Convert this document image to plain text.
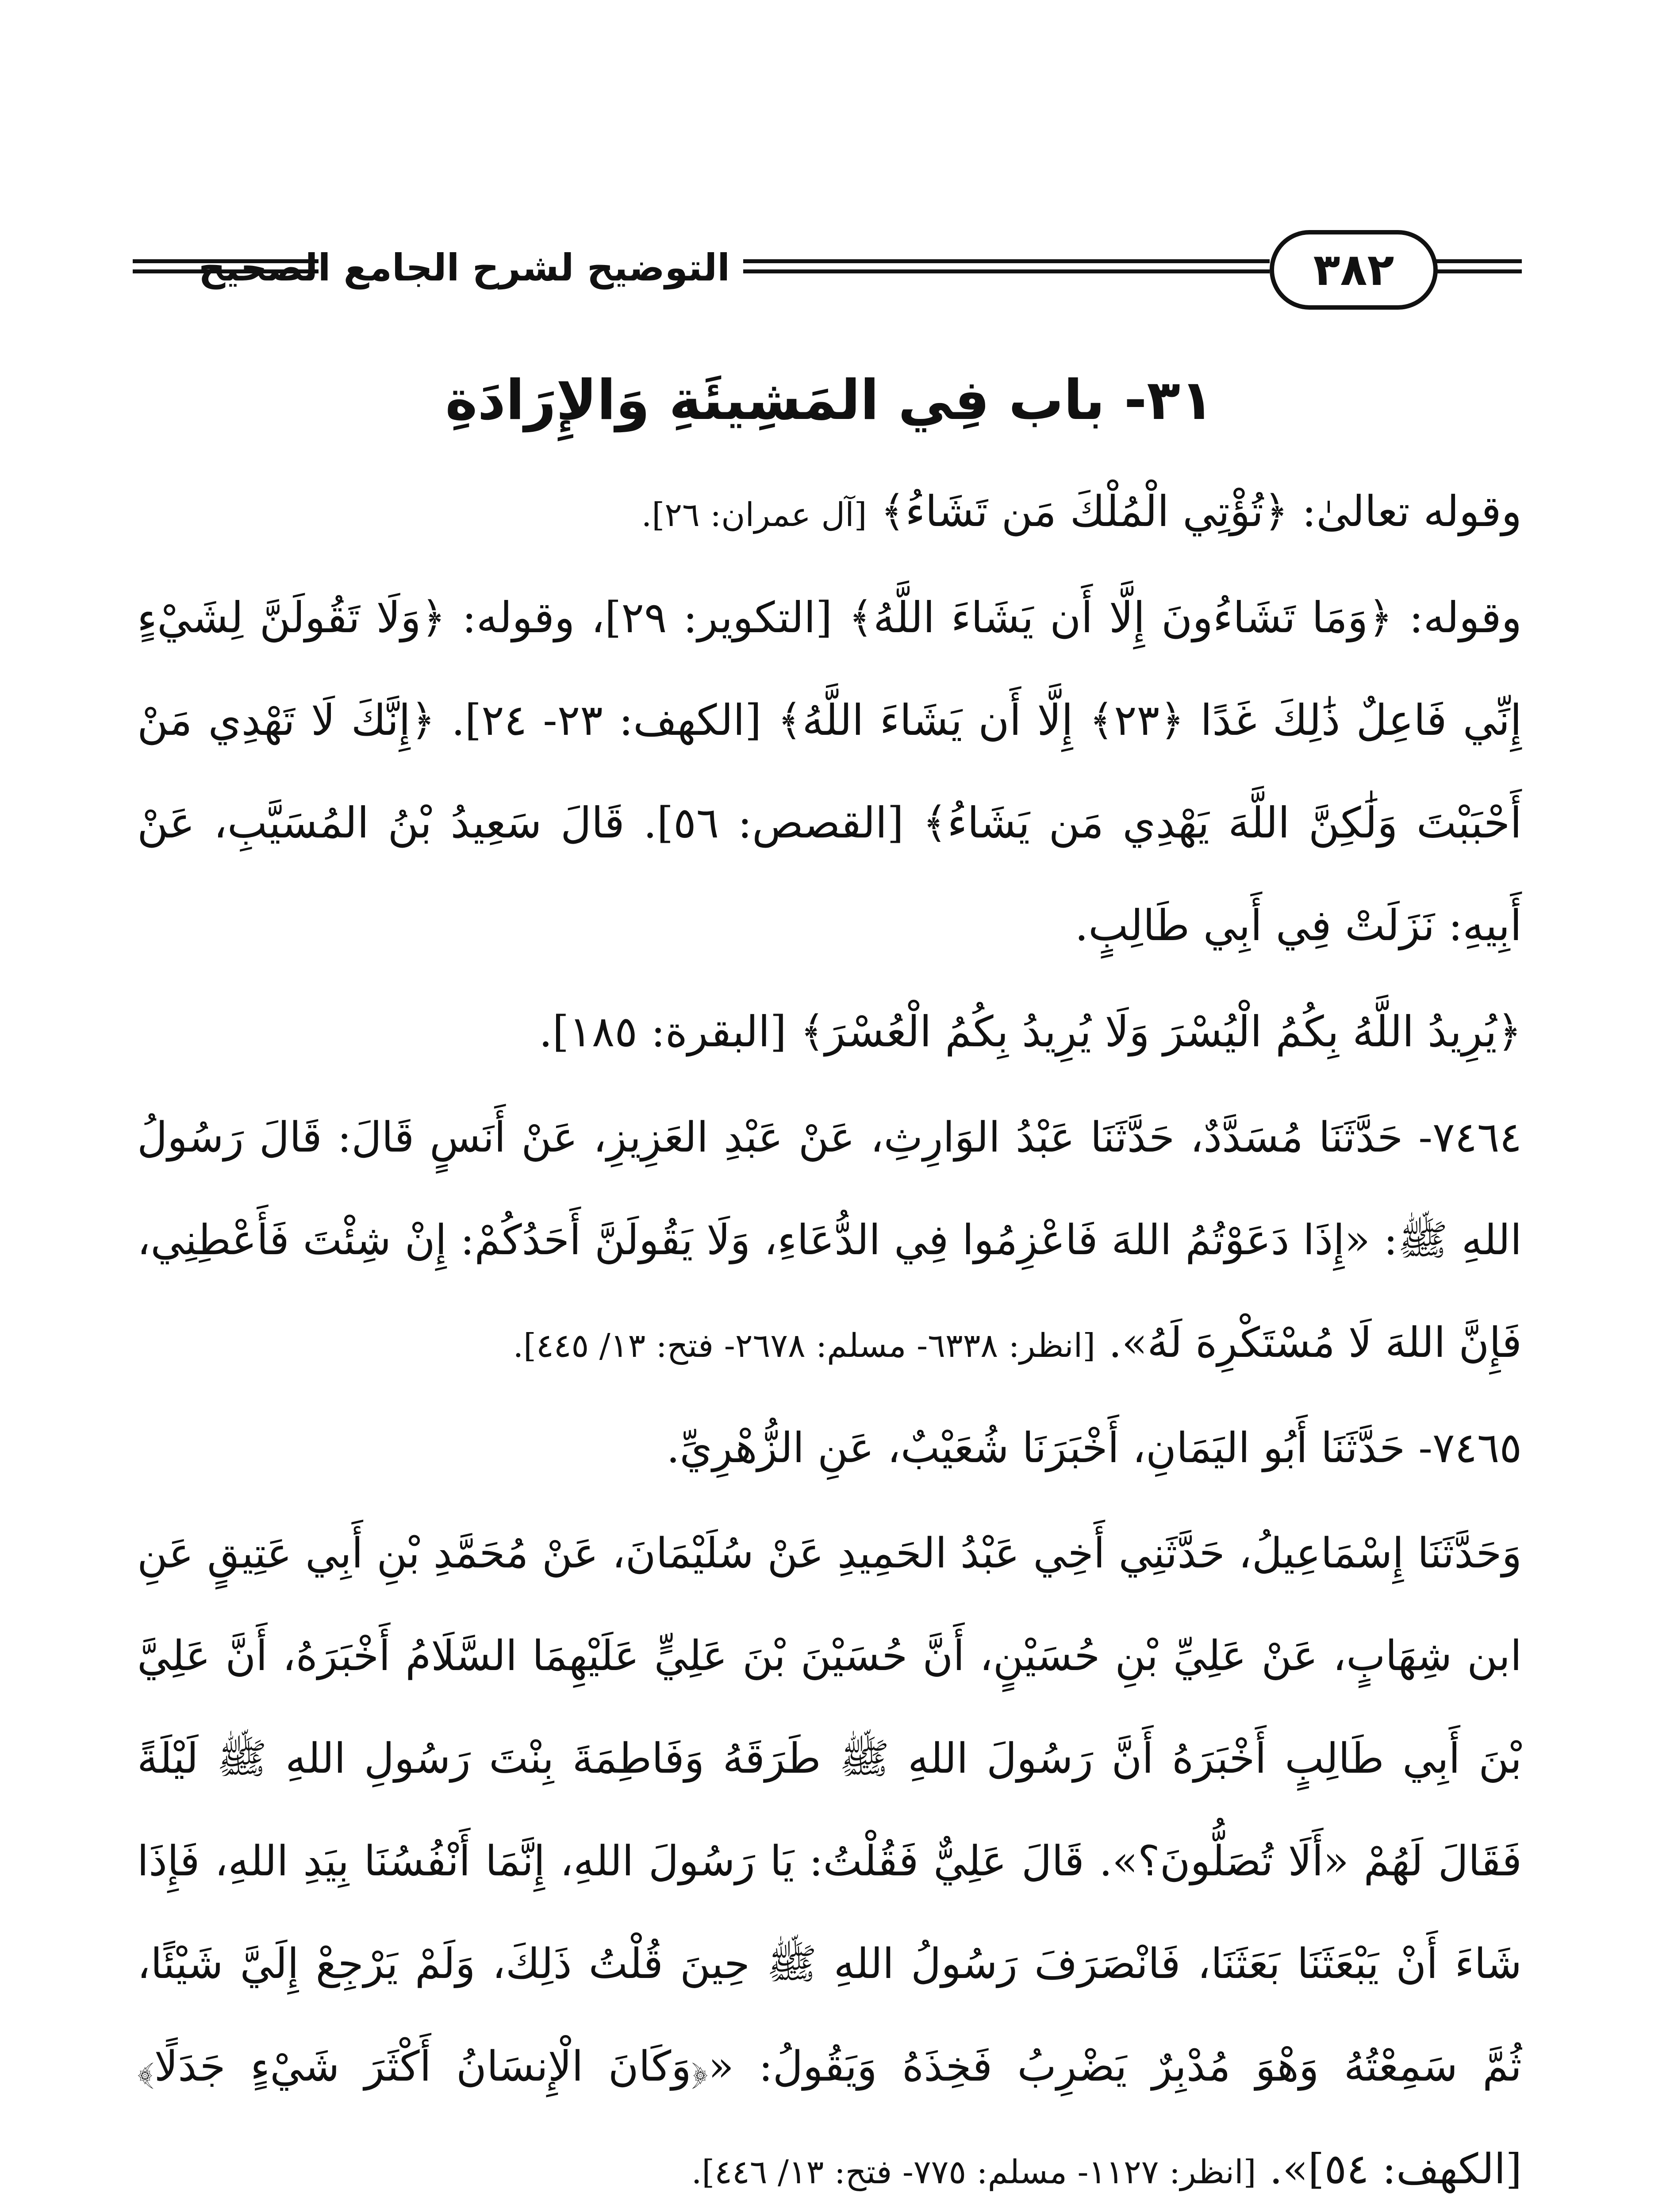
التوضيح لشرح الجامع الصحيح	٣٨٢
٣١- باب فِي المَشِيئَةِ وَالإِرَادَةِ

وقوله تعالىٰ: ﴿تُؤْتِي الْمُلْكَ مَن تَشَاءُ﴾ [آل عمران: ٢٦].

وقوله: ﴿وَمَا تَشَاءُونَ إِلَّا أَن يَشَاءَ اللَّهُ﴾ [التكوير: ٢٩]، وقوله: ﴿وَلَا تَقُولَنَّ لِشَيْءٍ إِنِّي فَاعِلٌ ذَٰلِكَ غَدًا ﴿٢٣﴾ إِلَّا أَن يَشَاءَ اللَّهُ﴾ [الكهف: ٢٣- ٢٤]. ﴿إِنَّكَ لَا تَهْدِي مَنْ أَحْبَبْتَ وَلَٰكِنَّ اللَّهَ يَهْدِي مَن يَشَاءُ﴾ [القصص: ٥٦]. قَالَ سَعِيدُ بْنُ المُسَيَّبِ، عَنْ أَبِيهِ: نَزَلَتْ فِي أَبِي طَالِبٍ.

﴿يُرِيدُ اللَّهُ بِكُمُ الْيُسْرَ وَلَا يُرِيدُ بِكُمُ الْعُسْرَ﴾ [البقرة: ١٨٥].

٧٤٦٤- حَدَّثَنَا مُسَدَّدٌ، حَدَّثَنَا عَبْدُ الوَارِثِ، عَنْ عَبْدِ العَزِيزِ، عَنْ أَنَسٍ قَالَ: قَالَ رَسُولُ اللهِ ﷺ: «إِذَا دَعَوْتُمُ اللهَ فَاعْزِمُوا فِي الدُّعَاءِ، وَلَا يَقُولَنَّ أَحَدُكُمْ: إِنْ شِئْتَ فَأَعْطِنِي، فَإِنَّ اللهَ لَا مُسْتَكْرِهَ لَهُ». [انظر: ٦٣٣٨- مسلم: ٢٦٧٨- فتح: ١٣/ ٤٤٥].

٧٤٦٥- حَدَّثَنَا أَبُو اليَمَانِ، أَخْبَرَنَا شُعَيْبٌ، عَنِ الزُّهْرِيِّ.

وَحَدَّثَنَا إِسْمَاعِيلُ، حَدَّثَنِي أَخِي عَبْدُ الحَمِيدِ عَنْ سُلَيْمَانَ، عَنْ مُحَمَّدِ بْنِ أَبِي عَتِيقٍ عَنِ ابن شِهَابٍ، عَنْ عَلِيِّ بْنِ حُسَيْنٍ، أَنَّ حُسَيْنَ بْنَ عَلِيٍّ عَلَيْهِمَا السَّلَامُ أَخْبَرَهُ، أَنَّ عَلِيَّ بْنَ أَبِي طَالِبٍ أَخْبَرَهُ أَنَّ رَسُولَ اللهِ ﷺ طَرَقَهُ وَفَاطِمَةَ بِنْتَ رَسُولِ اللهِ ﷺ لَيْلَةً فَقَالَ لَهُمْ «أَلَا تُصَلُّونَ؟». قَالَ عَلِيٌّ فَقُلْتُ: يَا رَسُولَ اللهِ، إِنَّمَا أَنْفُسُنَا بِيَدِ اللهِ، فَإِذَا شَاءَ أَنْ يَبْعَثَنَا بَعَثَنَا، فَانْصَرَفَ رَسُولُ اللهِ ﷺ حِينَ قُلْتُ ذَلِكَ، وَلَمْ يَرْجِعْ إِلَيَّ شَيْئًا، ثُمَّ سَمِعْتُهُ وَهْوَ مُدْبِرٌ يَضْرِبُ فَخِذَهُ وَيَقُولُ: «﴿وَكَانَ الْإِنسَانُ أَكْثَرَ شَيْءٍ جَدَلًا﴾ [الكهف: ٥٤]». [انظر: ١١٢٧- مسلم: ٧٧٥- فتح: ١٣/ ٤٤٦].
